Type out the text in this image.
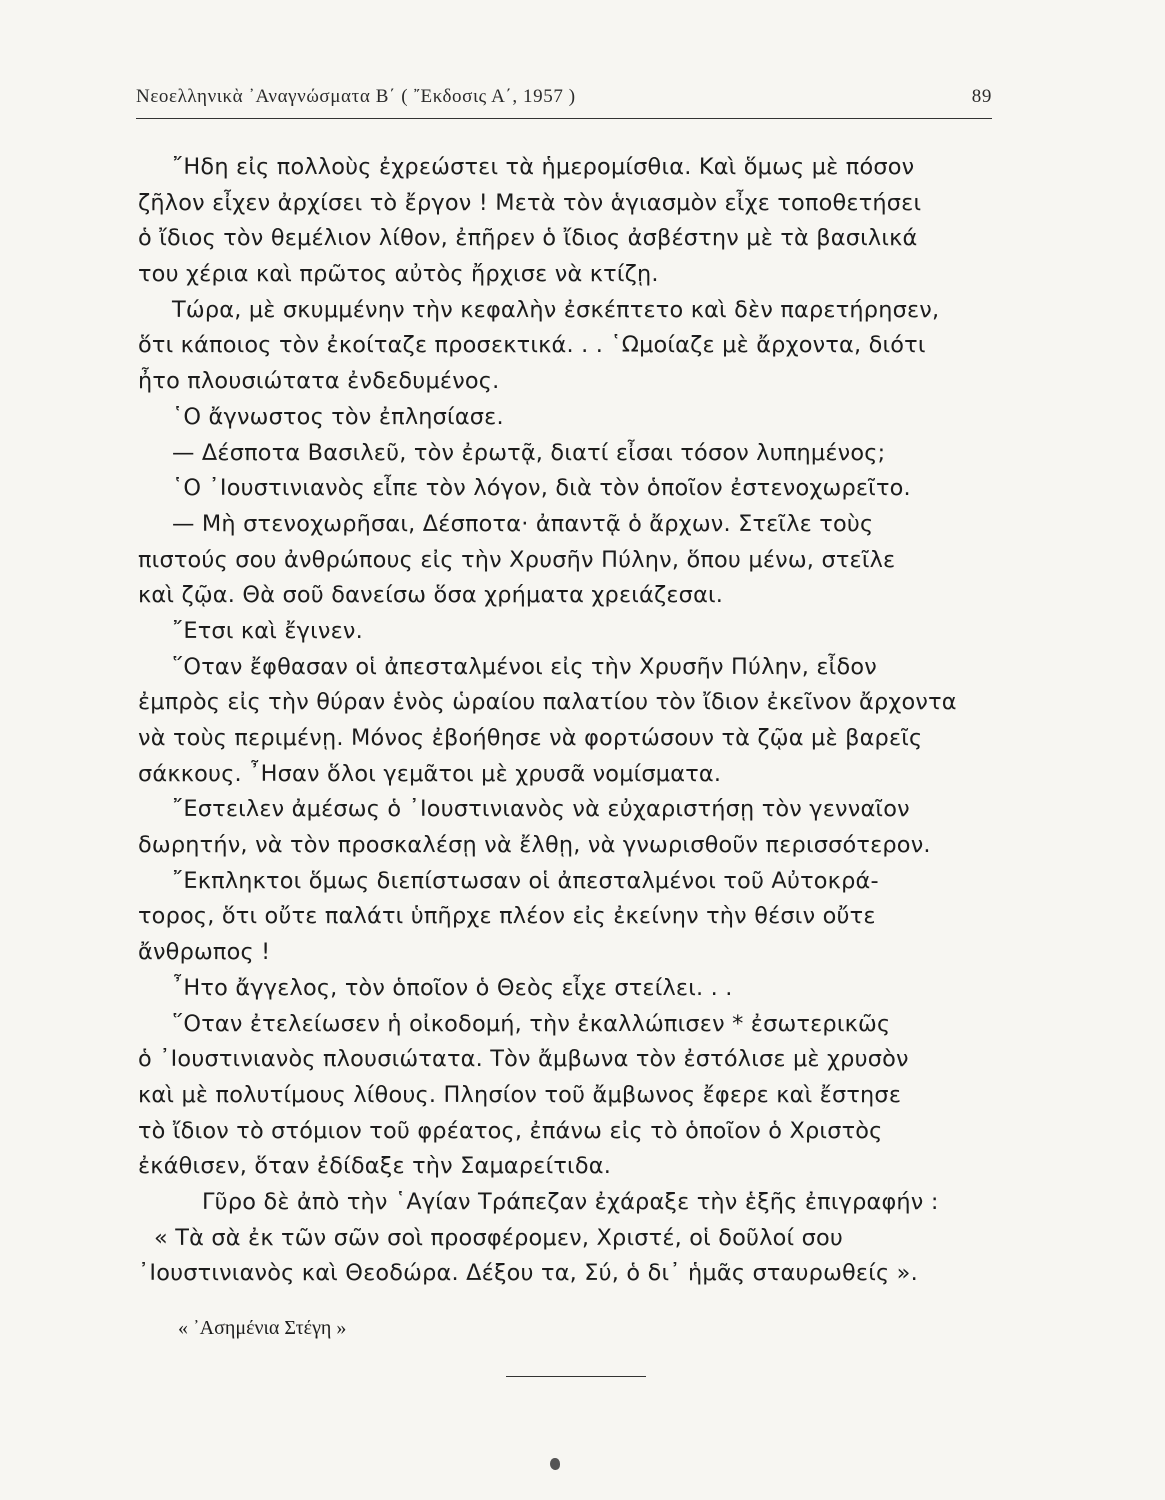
Νεοελληνικὰ ᾿Αναγνώσματα Β΄ ( ῎Εκδοσις Α΄, 1957 )	89
῎Ηδη εἰς πολλοὺς ἐχρεώστει τὰ ἡμερομίσθια. Καὶ ὅμως μὲ πόσον
ζῆλον εἶχεν ἀρχίσει τὸ ἔργον ! Μετὰ τὸν ἁγιασμὸν εἶχε τοποθετήσει
ὁ ἴδιος τὸν θεμέλιον λίθον, ἐπῆρεν ὁ ἴδιος ἀσβέστην μὲ τὰ βασιλικά
του χέρια καὶ πρῶτος αὐτὸς ἤρχισε νὰ κτίζῃ.
Τώρα, μὲ σκυμμένην τὴν κεφαλὴν ἐσκέπτετο καὶ δὲν παρετήρησεν,
ὅτι κάποιος τὸν ἐκοίταζε προσεκτικά. . . ῾Ωμοίαζε μὲ ἄρχοντα, διότι
ἦτο πλουσιώτατα ἐνδεδυμένος.
῾Ο ἄγνωστος τὸν ἐπλησίασε.
— Δέσποτα Βασιλεῦ, τὸν ἐρωτᾷ, διατί εἶσαι τόσον λυπημένος;
῾Ο ᾿Ιουστινιανὸς εἶπε τὸν λόγον, διὰ τὸν ὁποῖον ἐστενοχωρεῖτο.
— Μὴ στενοχωρῆσαι, Δέσποτα· ἀπαντᾷ ὁ ἄρχων. Στεῖλε τοὺς
πιστούς σου ἀνθρώπους εἰς τὴν Χρυσῆν Πύλην, ὅπου μένω, στεῖλε
καὶ ζῷα. Θὰ σοῦ δανείσω ὅσα χρήματα χρειάζεσαι.
῎Ετσι καὶ ἔγινεν.
῞Οταν ἔφθασαν οἱ ἀπεσταλμένοι εἰς τὴν Χρυσῆν Πύλην, εἶδον
ἐμπρὸς εἰς τὴν θύραν ἑνὸς ὡραίου παλατίου τὸν ἴδιον ἐκεῖνον ἄρχοντα
νὰ τοὺς περιμένῃ. Μόνος ἐβοήθησε νὰ φορτώσουν τὰ ζῷα μὲ βαρεῖς
σάκκους. ῏Ησαν ὅλοι γεμᾶτοι μὲ χρυσᾶ νομίσματα.
῎Εστειλεν ἀμέσως ὁ ᾿Ιουστινιανὸς νὰ εὐχαριστήσῃ τὸν γενναῖον
δωρητήν, νὰ τὸν προσκαλέσῃ νὰ ἔλθῃ, νὰ γνωρισθοῦν περισσότερον.
῎Εκπληκτοι ὅμως διεπίστωσαν οἱ ἀπεσταλμένοι τοῦ Αὐτοκρά-
τορος, ὅτι οὔτε παλάτι ὑπῆρχε πλέον εἰς ἐκείνην τὴν θέσιν οὔτε
ἄνθρωπος !
῏Ητο ἄγγελος, τὸν ὁποῖον ὁ Θεὸς εἶχε στείλει. . .
῞Οταν ἐτελείωσεν ἡ οἰκοδομή, τὴν ἐκαλλώπισεν * ἐσωτερικῶς
ὁ ᾿Ιουστινιανὸς πλουσιώτατα. Τὸν ἄμβωνα τὸν ἐστόλισε μὲ χρυσὸν
καὶ μὲ πολυτίμους λίθους. Πλησίον τοῦ ἄμβωνος ἔφερε καὶ ἔστησε
τὸ ἴδιον τὸ στόμιον τοῦ φρέατος, ἐπάνω εἰς τὸ ὁποῖον ὁ Χριστὸς
ἐκάθισεν, ὅταν ἐδίδαξε τὴν Σαμαρείτιδα.
Γῦρο δὲ ἀπὸ τὴν ῾Αγίαν Τράπεζαν ἐχάραξε τὴν ἑξῆς ἐπιγραφήν :
« Τὰ σὰ ἐκ τῶν σῶν σοὶ προσφέρομεν, Χριστέ, οἱ δοῦλοί σου
᾿Ιουστινιανὸς καὶ Θεοδώρα. Δέξου τα, Σύ, ὁ δι᾿ ἡμᾶς σταυρωθείς ».
« ᾿Ασημένια Στέγη »
